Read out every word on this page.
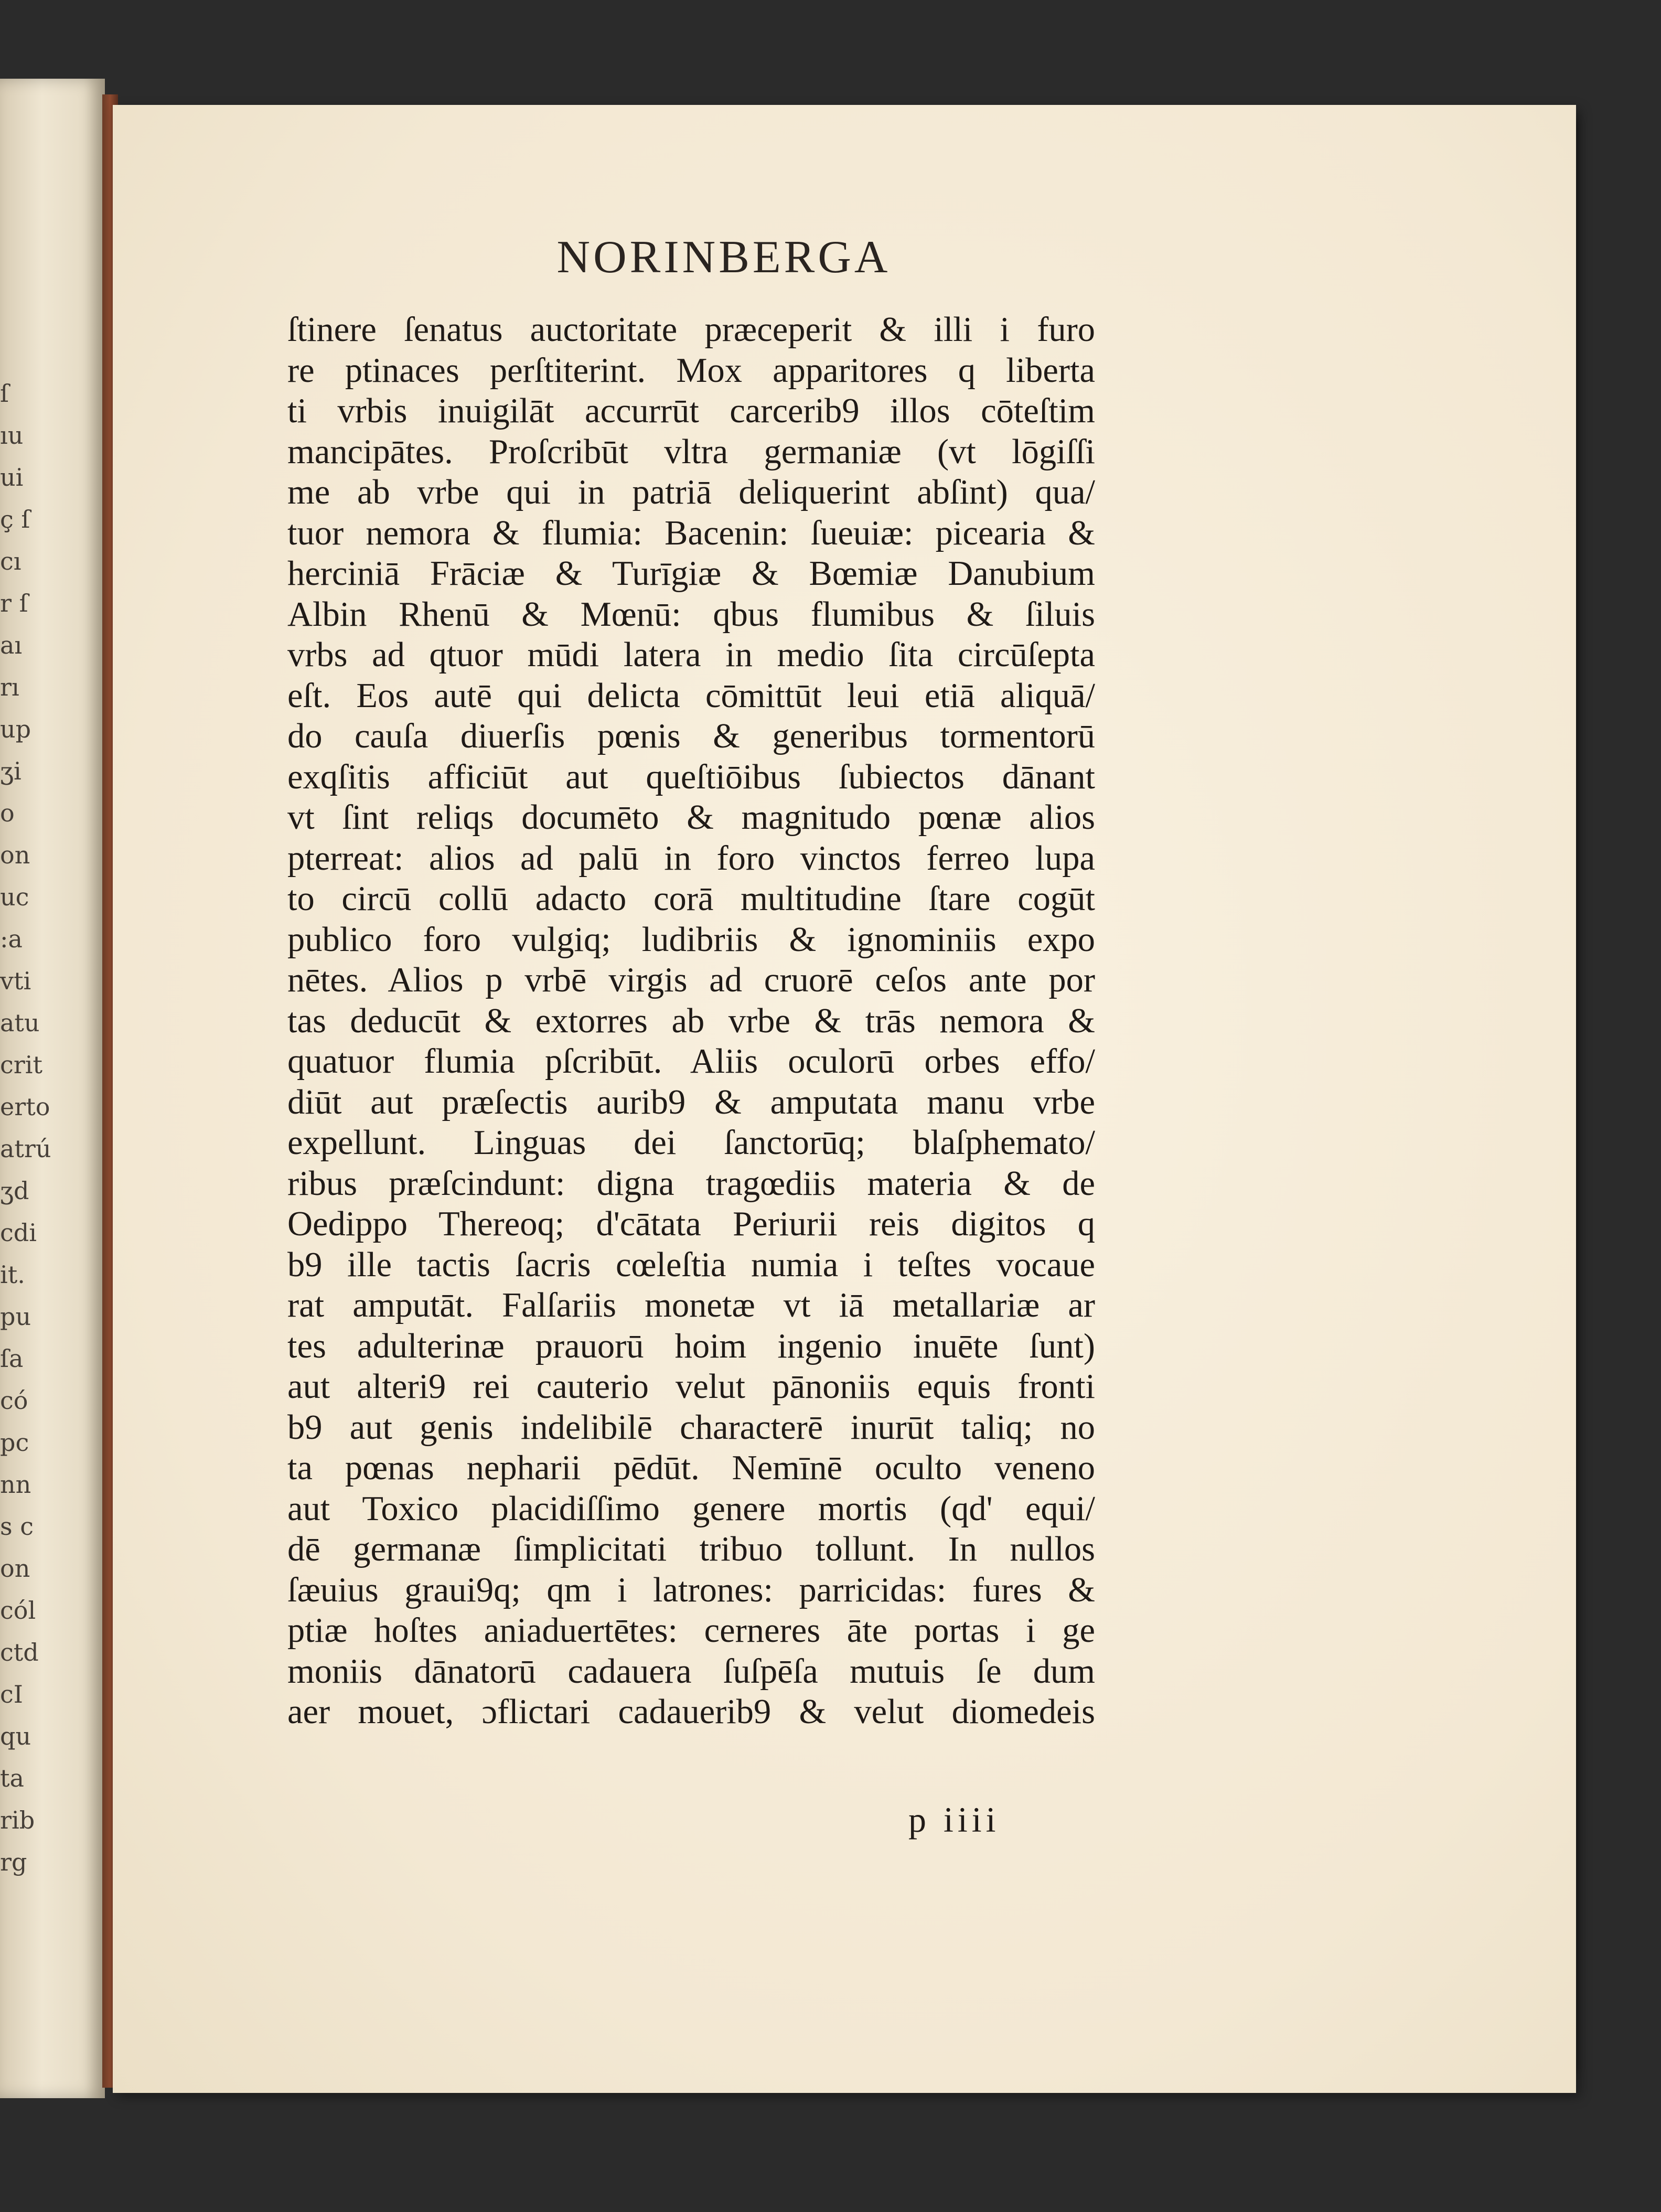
ſ
ıu
ui
ç ſ
cı
r ſ
aı
rı
up
ʒi
o
on
uc
:a
vti
atu
crit
erto
atrú
ʒd
cdi
it.
pu
ſa
có
pc
nn
s c
on
cól
ctd
cI
qu
ta
rib
rg
NORINBERGA
ſtinere ſenatus auctoritate præceperit & illi i furo
re ptinaces perſtiterint. Mox apparitores q liberta
ti vrbis inuigilāt accurrūt carcerib9 illos cōteſtim
mancipātes. Proſcribūt vltra germaniæ (vt lōgiſſi
me ab vrbe qui in patriā deliquerint abſint) qua/
tuor nemora & flumia: Bacenin: ſueuiæ: picearia &
herciniā Frāciæ & Turīgiæ & Bœmiæ Danubium
Albin Rhenū & Mœnū: qbus flumibus & ſiluis
vrbs ad qtuor mūdi latera in medio ſita circūſepta
eſt. Eos autē qui delicta cōmittūt leui etiā aliquā/
do cauſa diuerſis pœnis & generibus tormentorū
exqſitis afficiūt aut queſtiōibus ſubiectos dānant
vt ſint reliqs documēto & magnitudo pœnæ alios
pterreat: alios ad palū in foro vinctos ferreo lupa
to circū collū adacto corā multitudine ſtare cogūt
publico foro vulgiq; ludibriis & ignominiis expo
nētes. Alios p vrbē virgis ad cruorē ceſos ante por
tas deducūt & extorres ab vrbe & trās nemora &
quatuor flumia pſcribūt. Aliis oculorū orbes effo/
diūt aut præſectis aurib9 & amputata manu vrbe
expellunt. Linguas dei ſanctorūq; blaſphemato/
ribus præſcindunt: digna tragœdiis materia & de
Oedippo Thereoq; d'cātata Periurii reis digitos q
b9 ille tactis ſacris cœleſtia numia i teſtes vocaue
rat amputāt. Falſariis monetæ vt iā metallariæ ar
tes adulterinæ prauorū hoim ingenio inuēte ſunt)
aut alteri9 rei cauterio velut pānoniis equis fronti
b9 aut genis indelibilē characterē inurūt taliq; no
ta pœnas nepharii pēdūt. Nemīnē oculto veneno
aut Toxico placidiſſimo genere mortis (qd' equi/
dē germanæ ſimplicitati tribuo tollunt. In nullos
ſæuius graui9q; qm i latrones: parricidas: fures &
ptiæ hoſtes aniaduertētes: cerneres āte portas i ge
moniis dānatorū cadauera ſuſpēſa mutuis ſe dum
aer mouet, ɔflictari cadauerib9 & velut diomedeis
p iiii
